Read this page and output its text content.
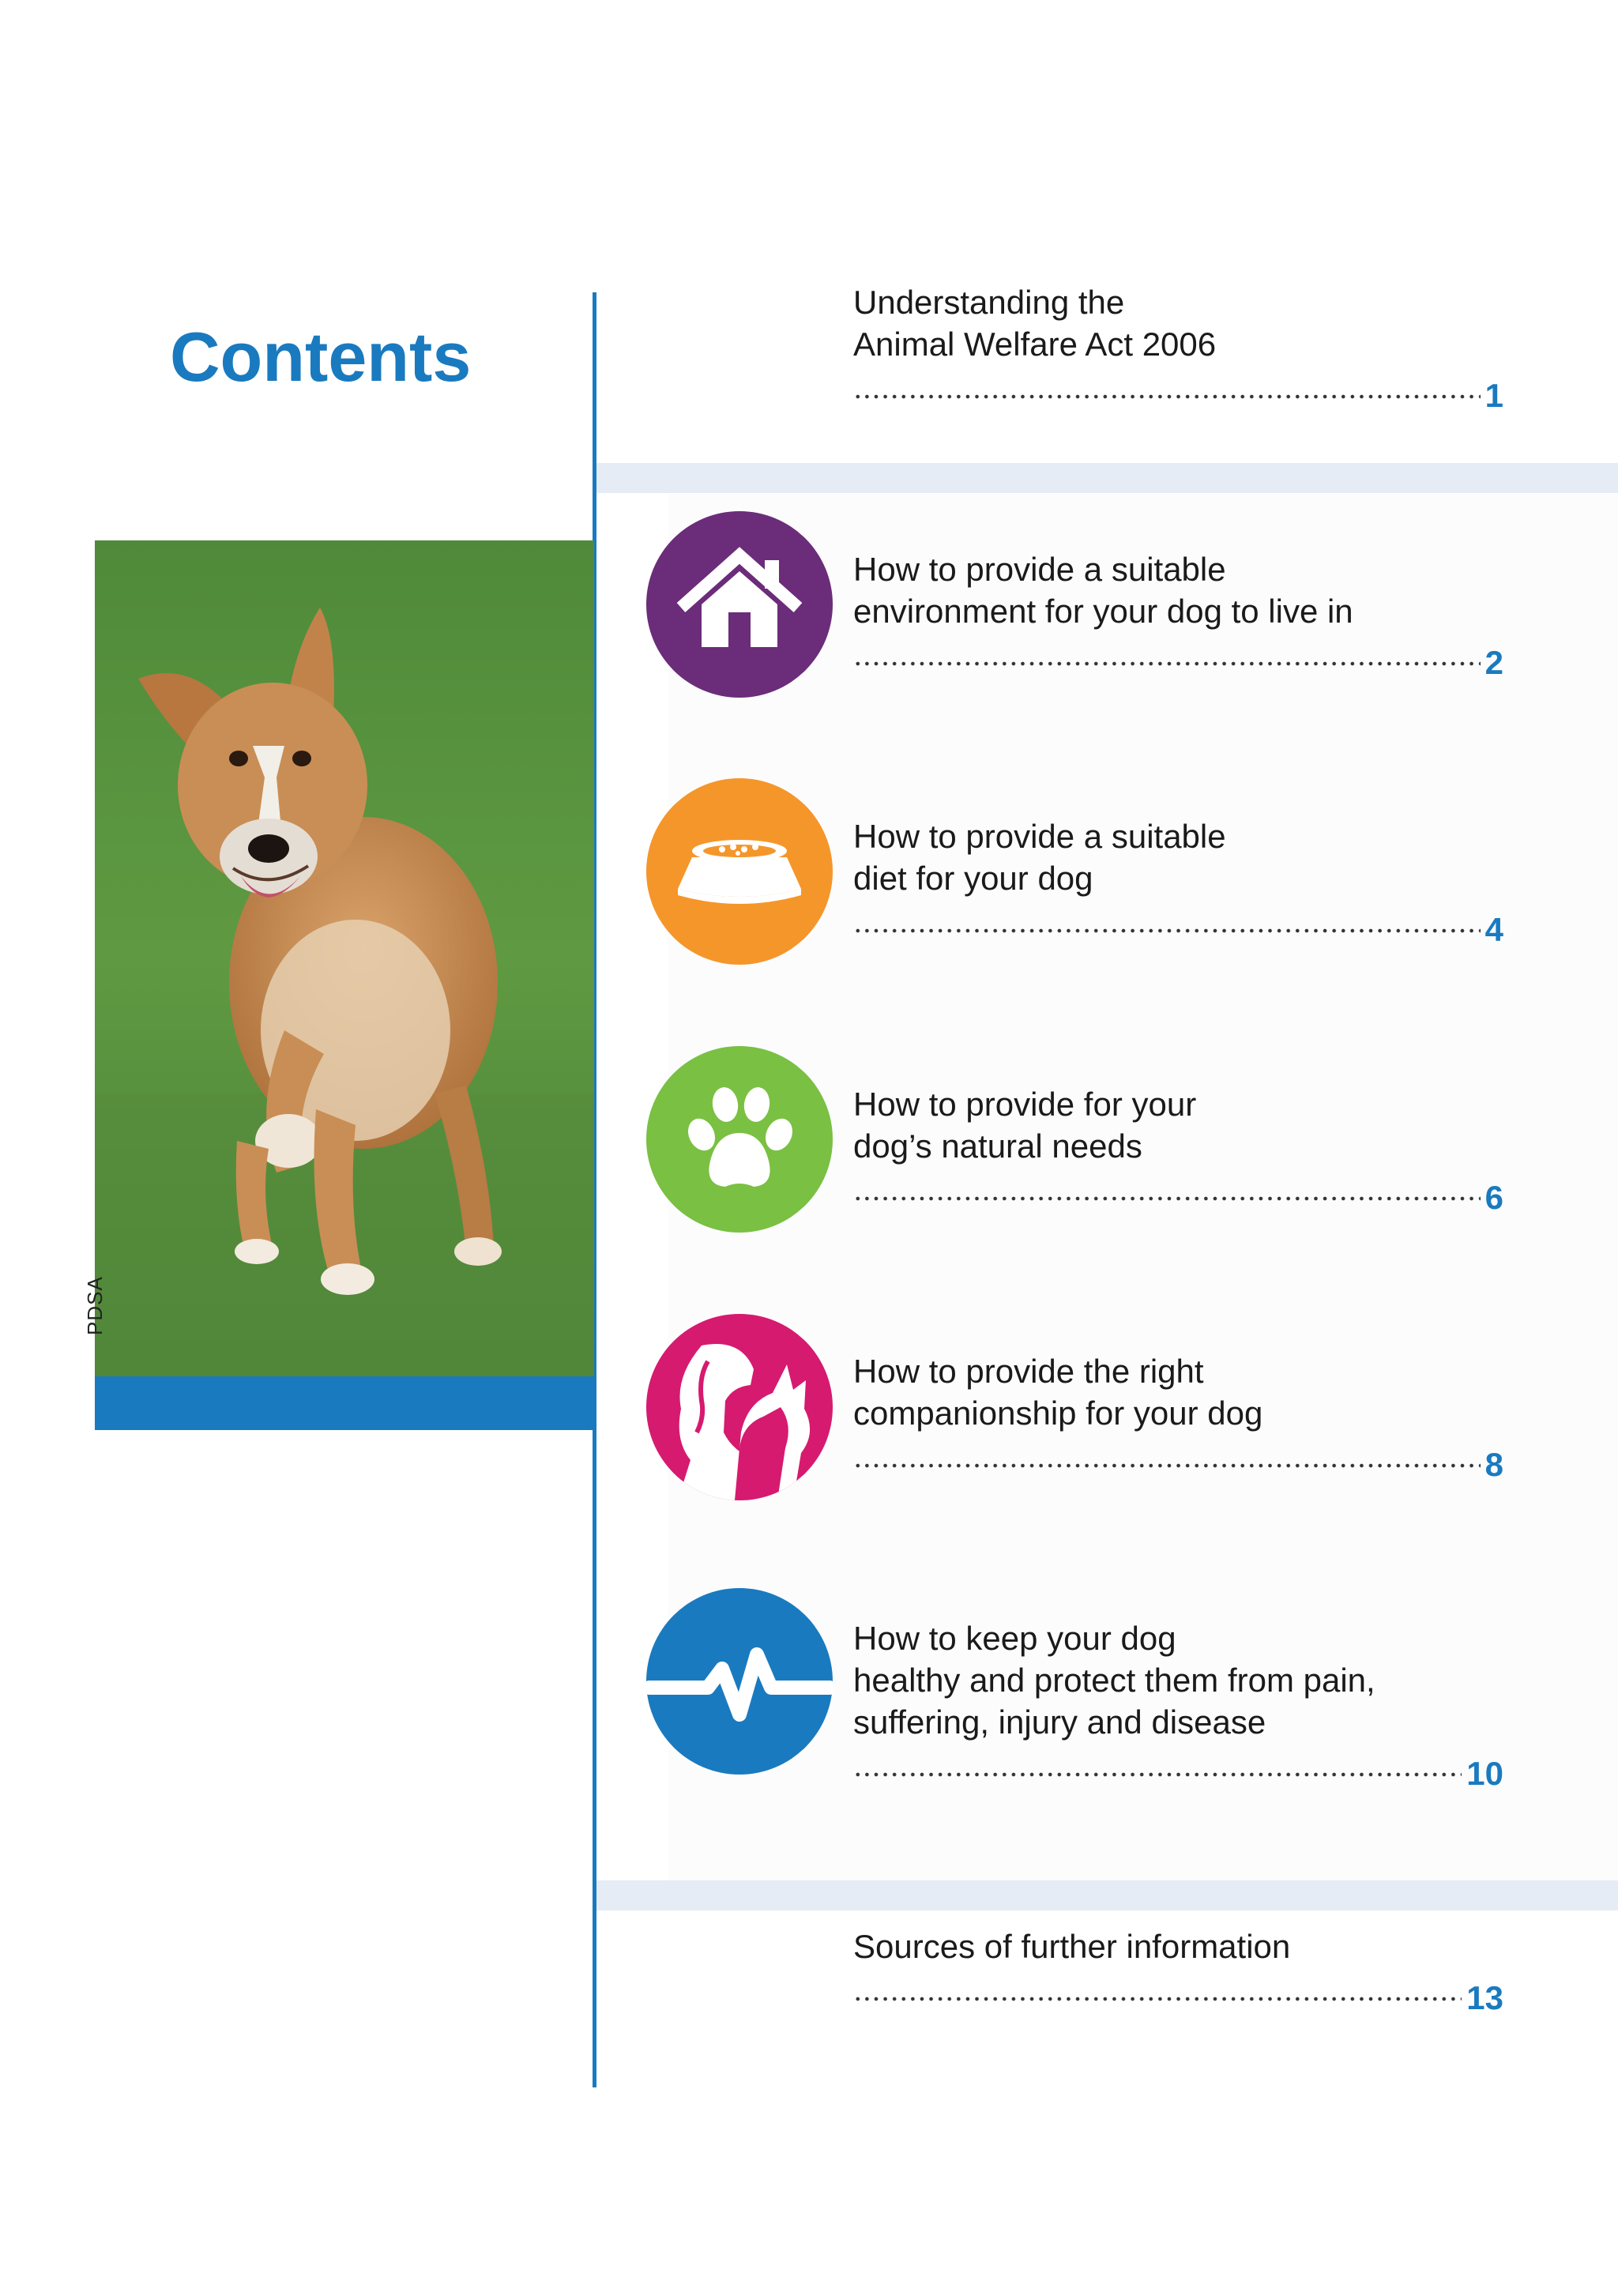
Contents
PDSA
Understanding the
Animal Welfare Act 2006
1
How to provide a suitable
environment for your dog to live in
2
How to provide a suitable
diet for your dog
4
How to provide for your
dog’s natural needs
6
How to provide the right
companionship for your dog
8
How to keep your dog
healthy and protect them from pain,
suffering, injury and disease
10
Sources of further information
13
